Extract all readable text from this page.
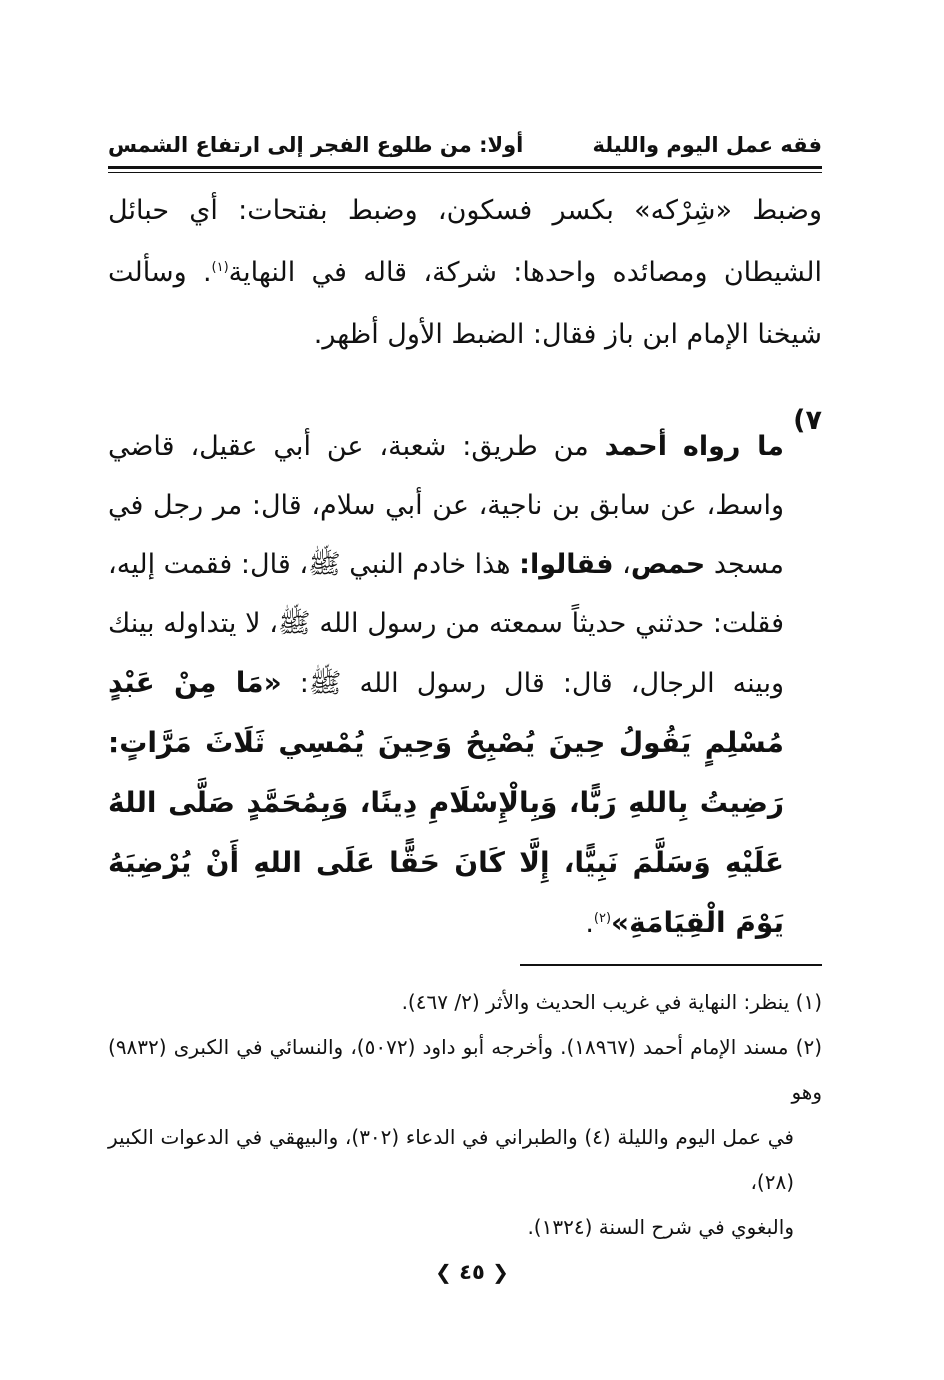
فقه عمل اليوم والليلة
أولا: من طلوع الفجر إلى ارتفاع الشمس

وضبط «شِرْكه» بكسر فسكون، وضبط بفتحات: أي حبائل الشيطان ومصائده واحدها: شركة، قاله في النهاية$^{(١)}$. وسألت شيخنا الإمام ابن باز فقال: الضبط الأول أظهر.

٧)

ما رواه أحمد من طريق: شعبة، عن أبي عقيل، قاضي واسط، عن سابق بن ناجية، عن أبي سلام، قال: مر رجل في مسجد حمص، فقالوا: هذا خادم النبي ﷺ، قال: فقمت إليه، فقلت: حدثني حديثاً سمعته من رسول الله ﷺ، لا يتداوله بينك وبينه الرجال، قال: قال رسول الله ﷺ: «مَا مِنْ عَبْدٍ مُسْلِمٍ يَقُولُ حِينَ يُصْبِحُ وَحِينَ يُمْسِي ثَلَاثَ مَرَّاتٍ: رَضِيتُ بِاللهِ رَبًّا، وَبِالْإِسْلَامِ دِينًا، وَبِمُحَمَّدٍ صَلَّى اللهُ عَلَيْهِ وَسَلَّمَ نَبِيًّا، إِلَّا كَانَ حَقًّا عَلَى اللهِ أَنْ يُرْضِيَهُ يَوْمَ الْقِيَامَةِ»$^{(٢)}$.

(١) ينظر: النهاية في غريب الحديث والأثر (٢/ ٤٦٧).

(٢) مسند الإمام أحمد (١٨٩٦٧). وأخرجه أبو داود (٥٠٧٢)، والنسائي في الكبرى (٩٨٣٢) وهو

في عمل اليوم والليلة (٤) والطبراني في الدعاء (٣٠٢)، والبيهقي في الدعوات الكبير (٢٨)،

والبغوي في شرح السنة (١٣٢٤).

❮ ٤٥ ❯
